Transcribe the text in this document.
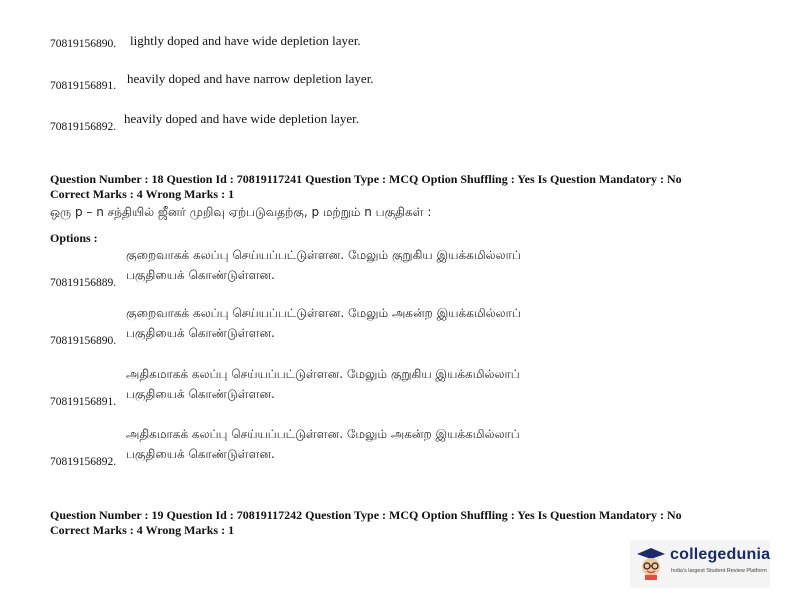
70819156890. lightly doped and have wide depletion layer.
70819156891. heavily doped and have narrow depletion layer.
70819156892.
heavily doped and have wide depletion layer.
Question Number : 18 Question Id : 70819117241 Question Type : MCQ Option Shuffling : Yes Is Question Mandatory : No
Correct Marks : 4 Wrong Marks : 1
ஒரு p – n சந்தியில் ஜீனர் முறிவு ஏற்படுவதற்கு, p மற்றும் n பகுதிகள் :
Options :
குறைவாகக் கலப்பு செய்யப்பட்டுள்ளன. மேலும் குறுகிய இயக்கமில்லாப்
பகுதியைக் கொண்டுள்ளன.
70819156889.
குறைவாகக் கலப்பு செய்யப்பட்டுள்ளன. மேலும் அகன்ற இயக்கமில்லாப்
பகுதியைக் கொண்டுள்ளன.
70819156890.
அதிகமாகக் கலப்பு செய்யப்பட்டுள்ளன. மேலும் குறுகிய இயக்கமில்லாப்
பகுதியைக் கொண்டுள்ளன.
70819156891.
அதிகமாகக் கலப்பு செய்யப்பட்டுள்ளன. மேலும் அகன்ற இயக்கமில்லாப்
பகுதியைக் கொண்டுள்ளன.
70819156892.
Question Number : 19 Question Id : 70819117242 Question Type : MCQ Option Shuffling : Yes Is Question Mandatory : No
Correct Marks : 4 Wrong Marks : 1
collegedunia
India's largest Student Review Platform
